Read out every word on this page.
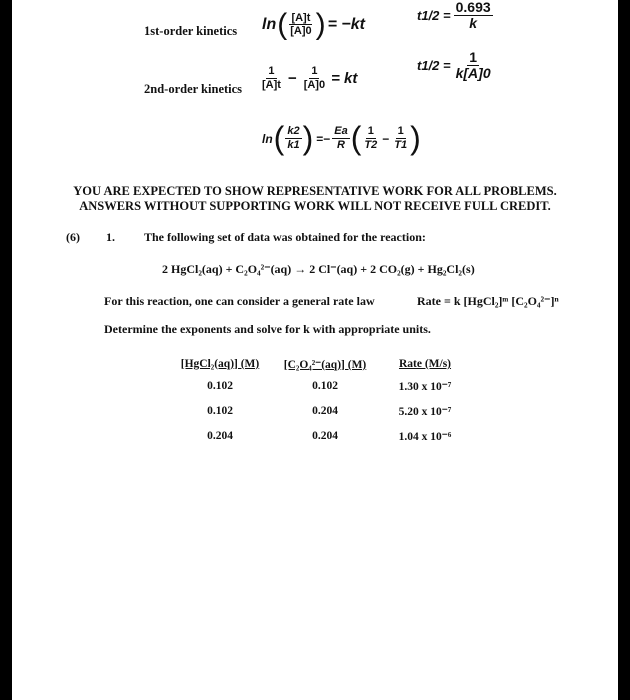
1st-order kinetics ln ( $\frac{[A]t}{[A]0}$ ) = −kt
$t1/2 = \frac{0.693}{k}$
2nd-order kinetics $\frac{1}{[A]t} - \frac{1}{[A]0}$ = kt
$t1/2 = \frac{1}{k[A]0}$
ln ( $\frac{k2}{k1}$ ) =− $\frac{Ea}{R}$ ( $\frac{1}{T2} - \frac{1}{T1}$ )
YOU ARE EXPECTED TO SHOW REPRESENTATIVE WORK FOR ALL PROBLEMS.
ANSWERS WITHOUT SUPPORTING WORK WILL NOT RECEIVE FULL CREDIT.
(6) 1. The following set of data was obtained for the reaction:
2 HgCl₂(aq) + C₂O₄²⁻(aq) → 2 Cl⁻(aq) + 2 CO₂(g) + Hg₂Cl₂(s)
For this reaction, one can consider a general rate law	Rate = k [HgCl₂]ᵐ [C₂O₄²⁻]ⁿ
Determine the exponents and solve for k with appropriate units.
[HgCl₂(aq)] (M)	[C₂O₄²⁻(aq)] (M)	Rate (M/s)
0.102	0.102	1.30 x 10⁻⁷
0.102	0.204	5.20 x 10⁻⁷
0.204	0.204	1.04 x 10⁻⁶
